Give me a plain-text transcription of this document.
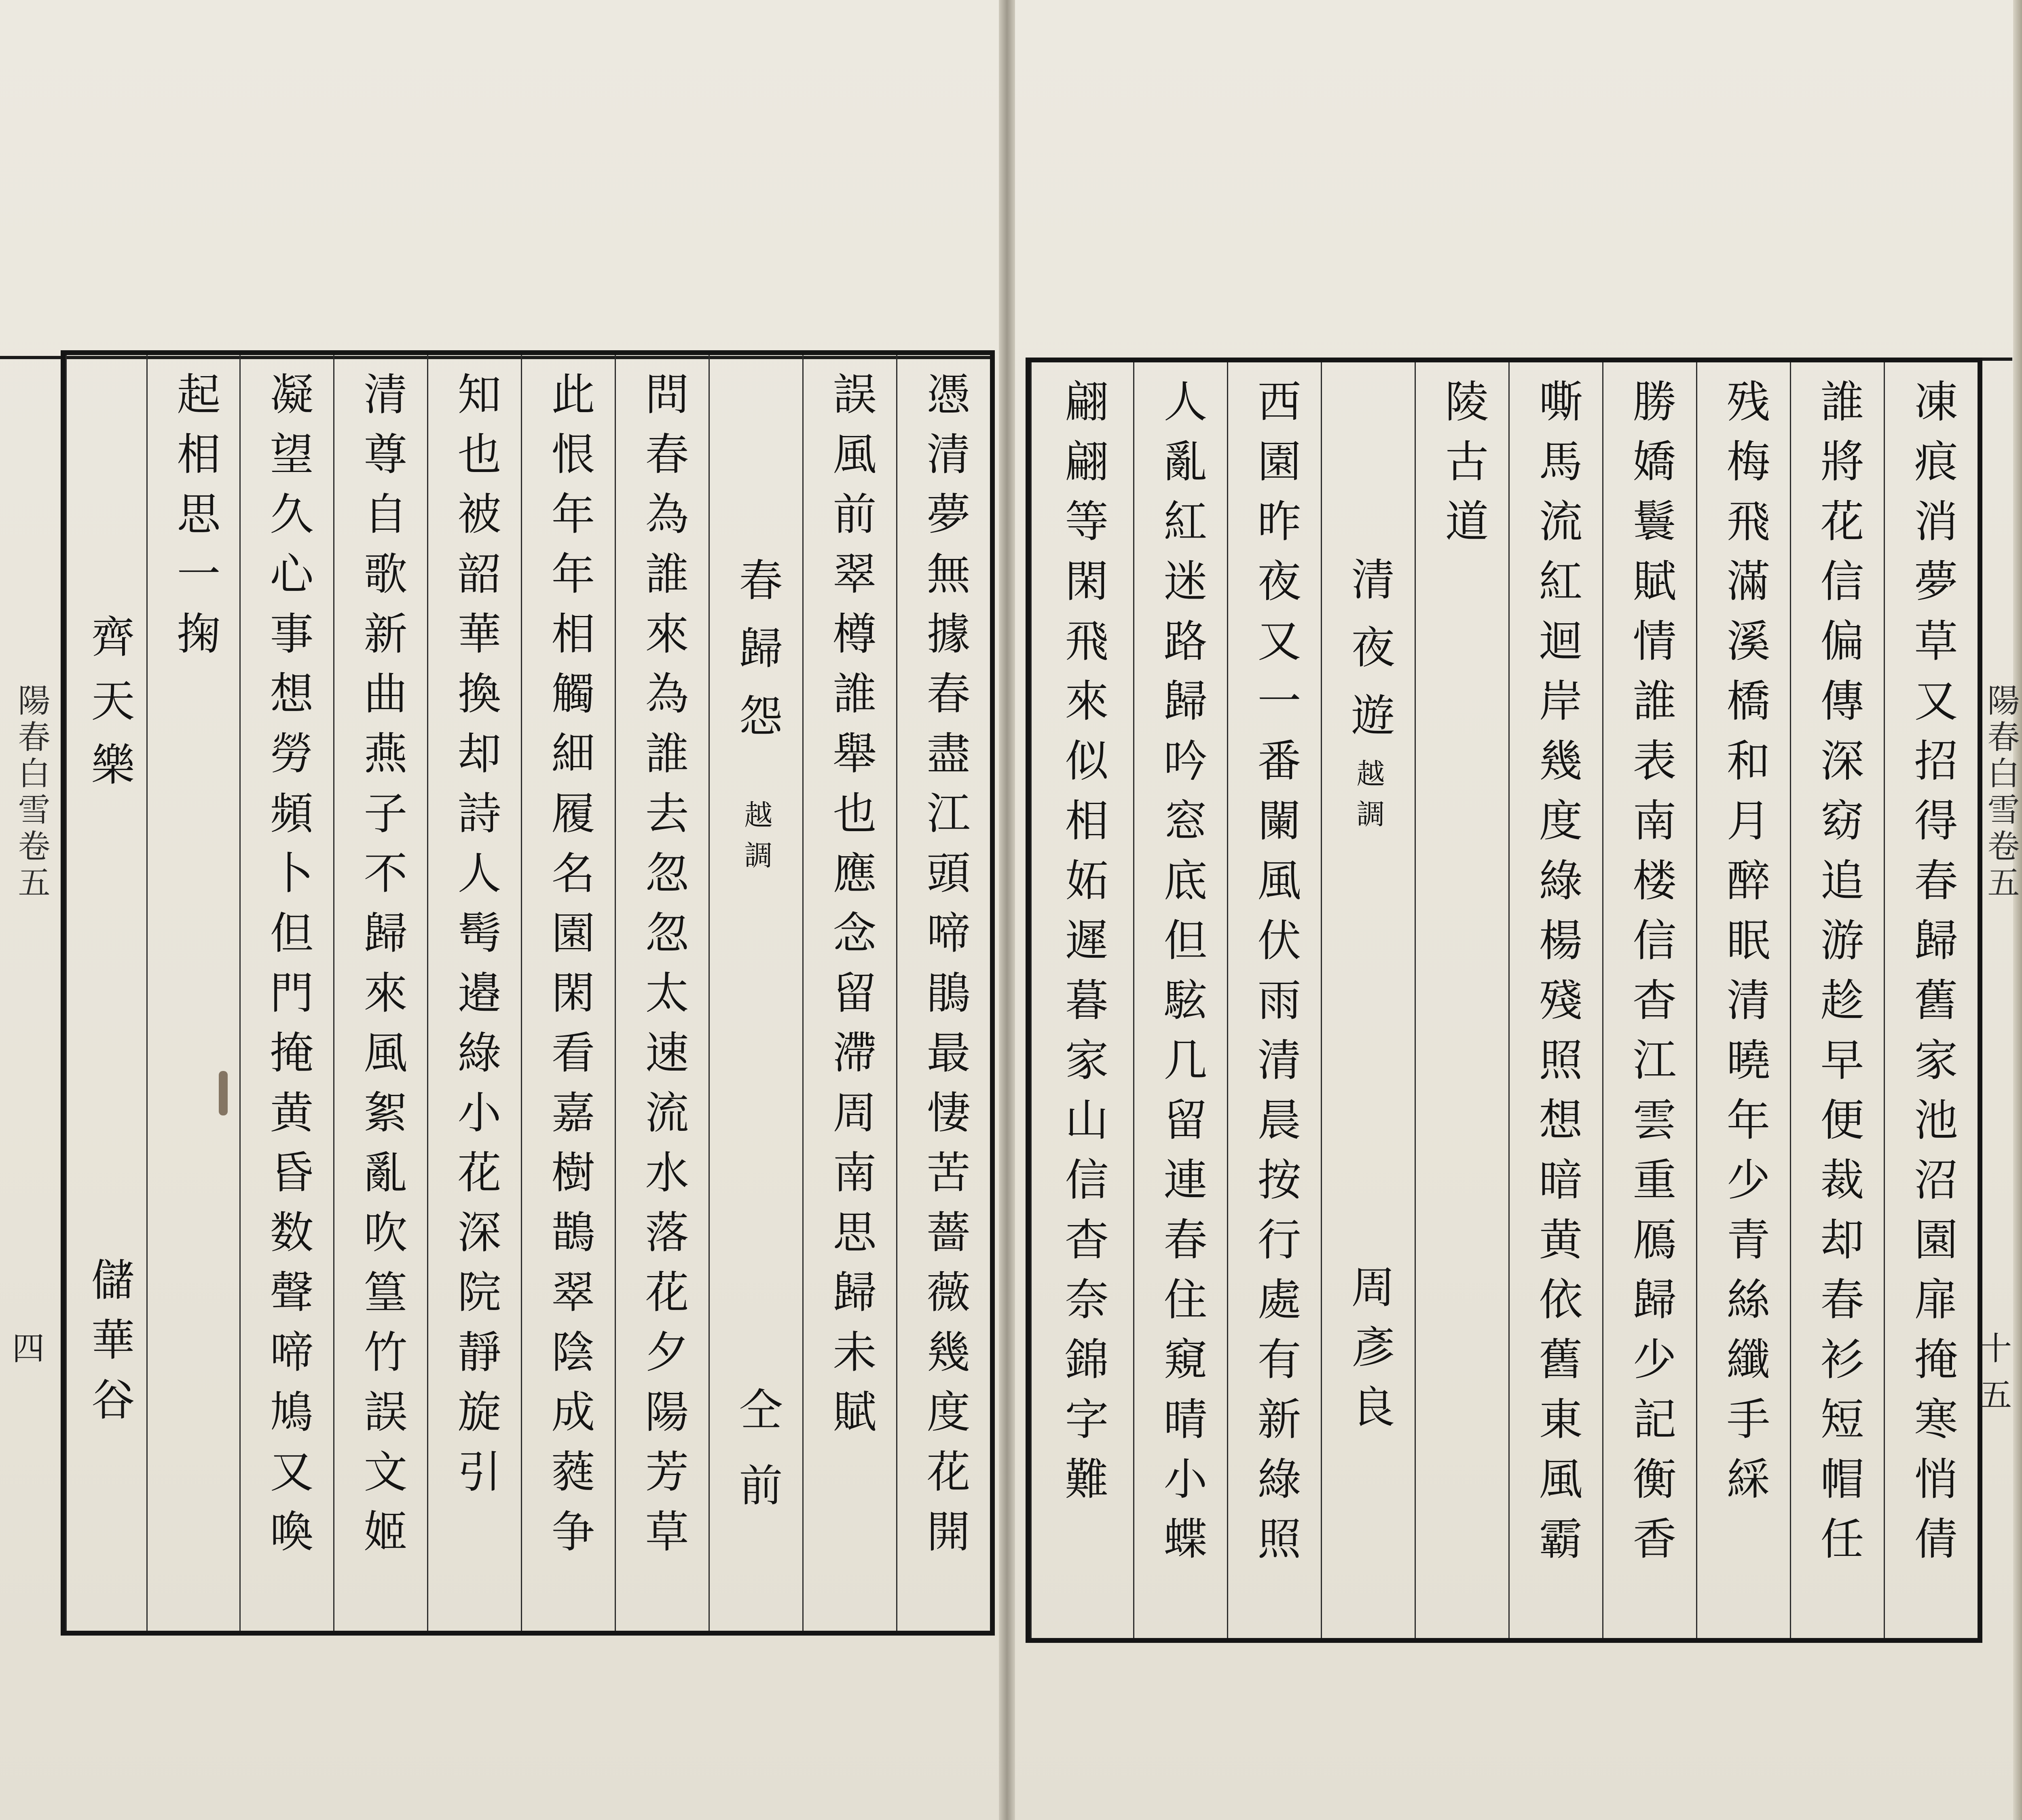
憑清夢無據春盡江頭啼鵑最悽苦薔薇幾度花開
誤風前翠樽誰舉也應念留滯周南思歸未賦
春歸怨
越調
仝前
問春為誰來為誰去忽忽太速流水落花夕陽芳草
此恨年年相觸細履名園閑看嘉樹鵲翠陰成蕤争
知也被韶華換却詩人髩邉綠小花深院靜旋引
清尊自歌新曲燕子不歸來風絮亂吹篁竹誤文姬
凝望久心事想勞頻卜但門掩黄昏数聲啼鳩又喚
起相思一掬
齊天樂
儲華谷
陽春白雪卷五
四	凍痕消夢草又招得春歸舊家池沼園扉掩寒悄倩
誰將花信偏傳深窈追游趁早便裁却春衫短帽任
残梅飛滿溪橋和月醉眠清曉年少青絲纖手綵
勝嬌鬟賦情誰表南楼信杳江雲重鴈歸少記衡香
嘶馬流紅迴岸幾度綠楊殘照想暗黄依舊東風霸
陵古道
清夜遊
越調
周彥良
西園昨夜又一番闌風伏雨清晨按行處有新綠照
人亂紅迷路歸吟窓底但䮄几留連春住窺晴小蝶
翩翩等閑飛來似相妬遲暮家山信杳奈錦字難	陽春白雪卷五
十五
